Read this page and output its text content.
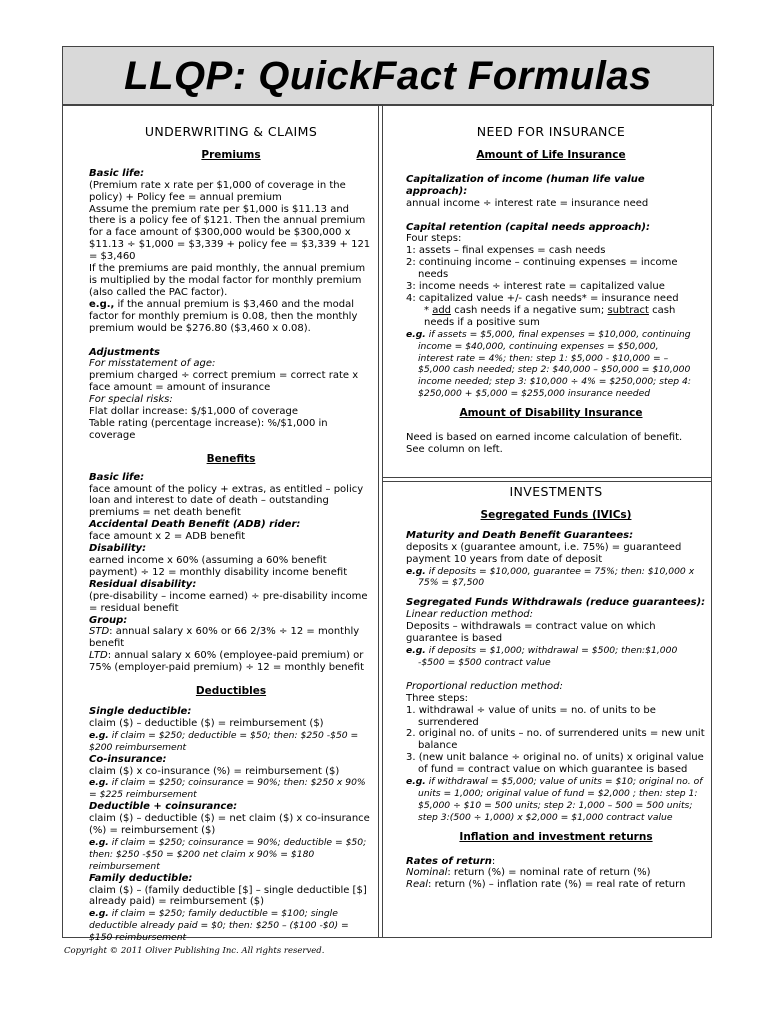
LLQP: QuickFact Formulas
UNDERWRITING & CLAIMS
Premiums
Basic life:
(Premium rate x rate per $1,000 of coverage in the policy) + Policy fee = annual premium
Assume the premium rate per $1,000 is $11.13 and there is a policy fee of $121. Then the annual premium for a face amount of $300,000 would be $300,000 x $11.13 ÷ $1,000 = $3,339 + policy fee = $3,339 + 121 = $3,460
If the premiums are paid monthly, the annual premium is multiplied by the modal factor for monthly premium (also called the PAC factor).
e.g., if the annual premium is $3,460 and the modal factor for monthly premium is 0.08, then the monthly premium would be $276.80 ($3,460 x 0.08).
Adjustments
For misstatement of age:
premium charged ÷ correct premium = correct rate x face amount = amount of insurance
For special risks:
Flat dollar increase: $/$1,000 of coverage
Table rating (percentage increase): %/$1,000 in coverage
Benefits
Basic life:
face amount of the policy + extras, as entitled – policy loan and interest to date of death – outstanding premiums = net death benefit
Accidental Death Benefit (ADB) rider:
face amount x 2 = ADB benefit
Disability:
earned income x 60% (assuming a 60% benefit payment) ÷ 12 = monthly disability income benefit
Residual disability:
(pre-disability – income earned) ÷ pre-disability income = residual benefit
Group:
STD: annual salary x 60% or 66 2/3% ÷ 12 = monthly benefit
LTD: annual salary x 60% (employee-paid premium) or 75% (employer-paid premium) ÷ 12 = monthly benefit
Deductibles
Single deductible:
claim ($) – deductible ($) = reimbursement ($)
e.g. if claim = $250; deductible = $50; then: $250 -$50 = $200 reimbursement
Co-insurance:
claim ($) x co-insurance (%) = reimbursement ($)
e.g. if claim = $250; coinsurance = 90%; then: $250 x 90% = $225 reimbursement
Deductible + coinsurance:
claim ($) – deductible ($) = net claim ($) x co-insurance (%) = reimbursement ($)
e.g. if claim = $250; coinsurance = 90%; deductible = $50; then: $250 -$50 = $200 net claim x 90% = $180 reimbursement
Family deductible:
claim ($) – (family deductible [$] – single deductible [$] already paid) = reimbursement ($)
e.g. if claim = $250; family deductible = $100; single deductible already paid = $0; then: $250 – ($100 -$0) = $150 reimbursement
NEED FOR INSURANCE
Amount of Life Insurance
Capitalization of income (human life value approach):
annual income ÷ interest rate = insurance need
Capital retention (capital needs approach):
Four steps:
1: assets – final expenses = cash needs
2: continuing income – continuing expenses = income needs
3: income needs ÷ interest rate = capitalized value
4: capitalized value +/- cash needs* = insurance need
* add cash needs if a negative sum; subtract cash needs if a positive sum
e.g. if assets = $5,000, final expenses = $10,000, continuing income = $40,000, continuing expenses = $50,000, interest rate = 4%; then: step 1: $5,000 - $10,000 = –$5,000 cash needed; step 2: $40,000 – $50,000 = $10,000 income needed; step 3: $10,000 ÷ 4% = $250,000; step 4: $250,000 + $5,000 = $255,000 insurance needed
Amount of Disability Insurance
Need is based on earned income calculation of benefit. See column on left.
INVESTMENTS
Segregated Funds (IVICs)
Maturity and Death Benefit Guarantees:
deposits x (guarantee amount, i.e. 75%) = guaranteed payment 10 years from date of deposit
e.g. if deposits = $10,000, guarantee = 75%; then: $10,000 x 75% = $7,500
Segregated Funds Withdrawals (reduce guarantees):
Linear reduction method:
Deposits – withdrawals = contract value on which guarantee is based
e.g. if deposits = $1,000; withdrawal = $500; then:$1,000 -$500 = $500 contract value
Proportional reduction method:
Three steps:
1. withdrawal ÷ value of units = no. of units to be surrendered
2. original no. of units – no. of surrendered units = new unit balance
3. (new unit balance ÷ original no. of units) x original value of fund = contract value on which guarantee is based
e.g. if withdrawal = $5,000; value of units = $10; original no. of units = 1,000; original value of fund = $2,000 ; then: step 1: $5,000 ÷ $10 = 500 units; step 2: 1,000 – 500 = 500 units; step 3:(500 ÷ 1,000) x $2,000 = $1,000 contract value
Inflation and investment returns
Rates of return:
Nominal: return (%) = nominal rate of return (%)
Real: return (%) – inflation rate (%) = real rate of return
Copyright © 2011 Oliver Publishing Inc. All rights reserved.
